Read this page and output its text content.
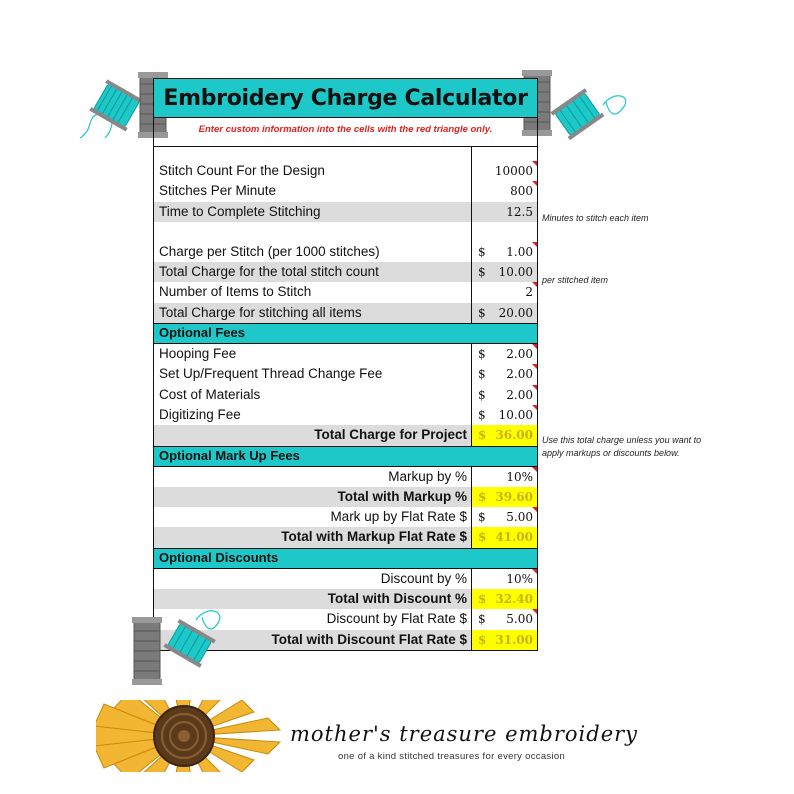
Embroidery Charge Calculator
Enter custom information into the cells with the red triangle only.
Stitch Count For the Design	10000
Stitches Per Minute	800
Time to Complete Stitching	12.5
Charge per Stitch (per 1000 stitches)	$ 1.00
Total Charge for the total stitch count	$ 10.00
Number of Items to Stitch	2
Total Charge for stitching all items	$ 20.00
Optional Fees
Hooping Fee	$ 2.00
Set Up/Frequent Thread Change Fee	$ 2.00
Cost of Materials	$ 2.00
Digitizing Fee	$ 10.00
Total Charge for Project $ 36.00
Optional Mark Up Fees
Markup by %	10%
Total with Markup % $ 39.60
Mark up by Flat Rate $ $ 5.00
Total with Markup Flat Rate $ $ 41.00
Optional Discounts
Discount by %	10%
Total with Discount % $ 32.40
Discount by Flat Rate $ $ 5.00
Total with Discount Flat Rate $ $ 31.00
Minutes to stitch each item
per stitched item
Use this total charge unless you want to
apply markups or discounts below.
mother's treasure embroidery
one of a kind stitched treasures for every occasion
